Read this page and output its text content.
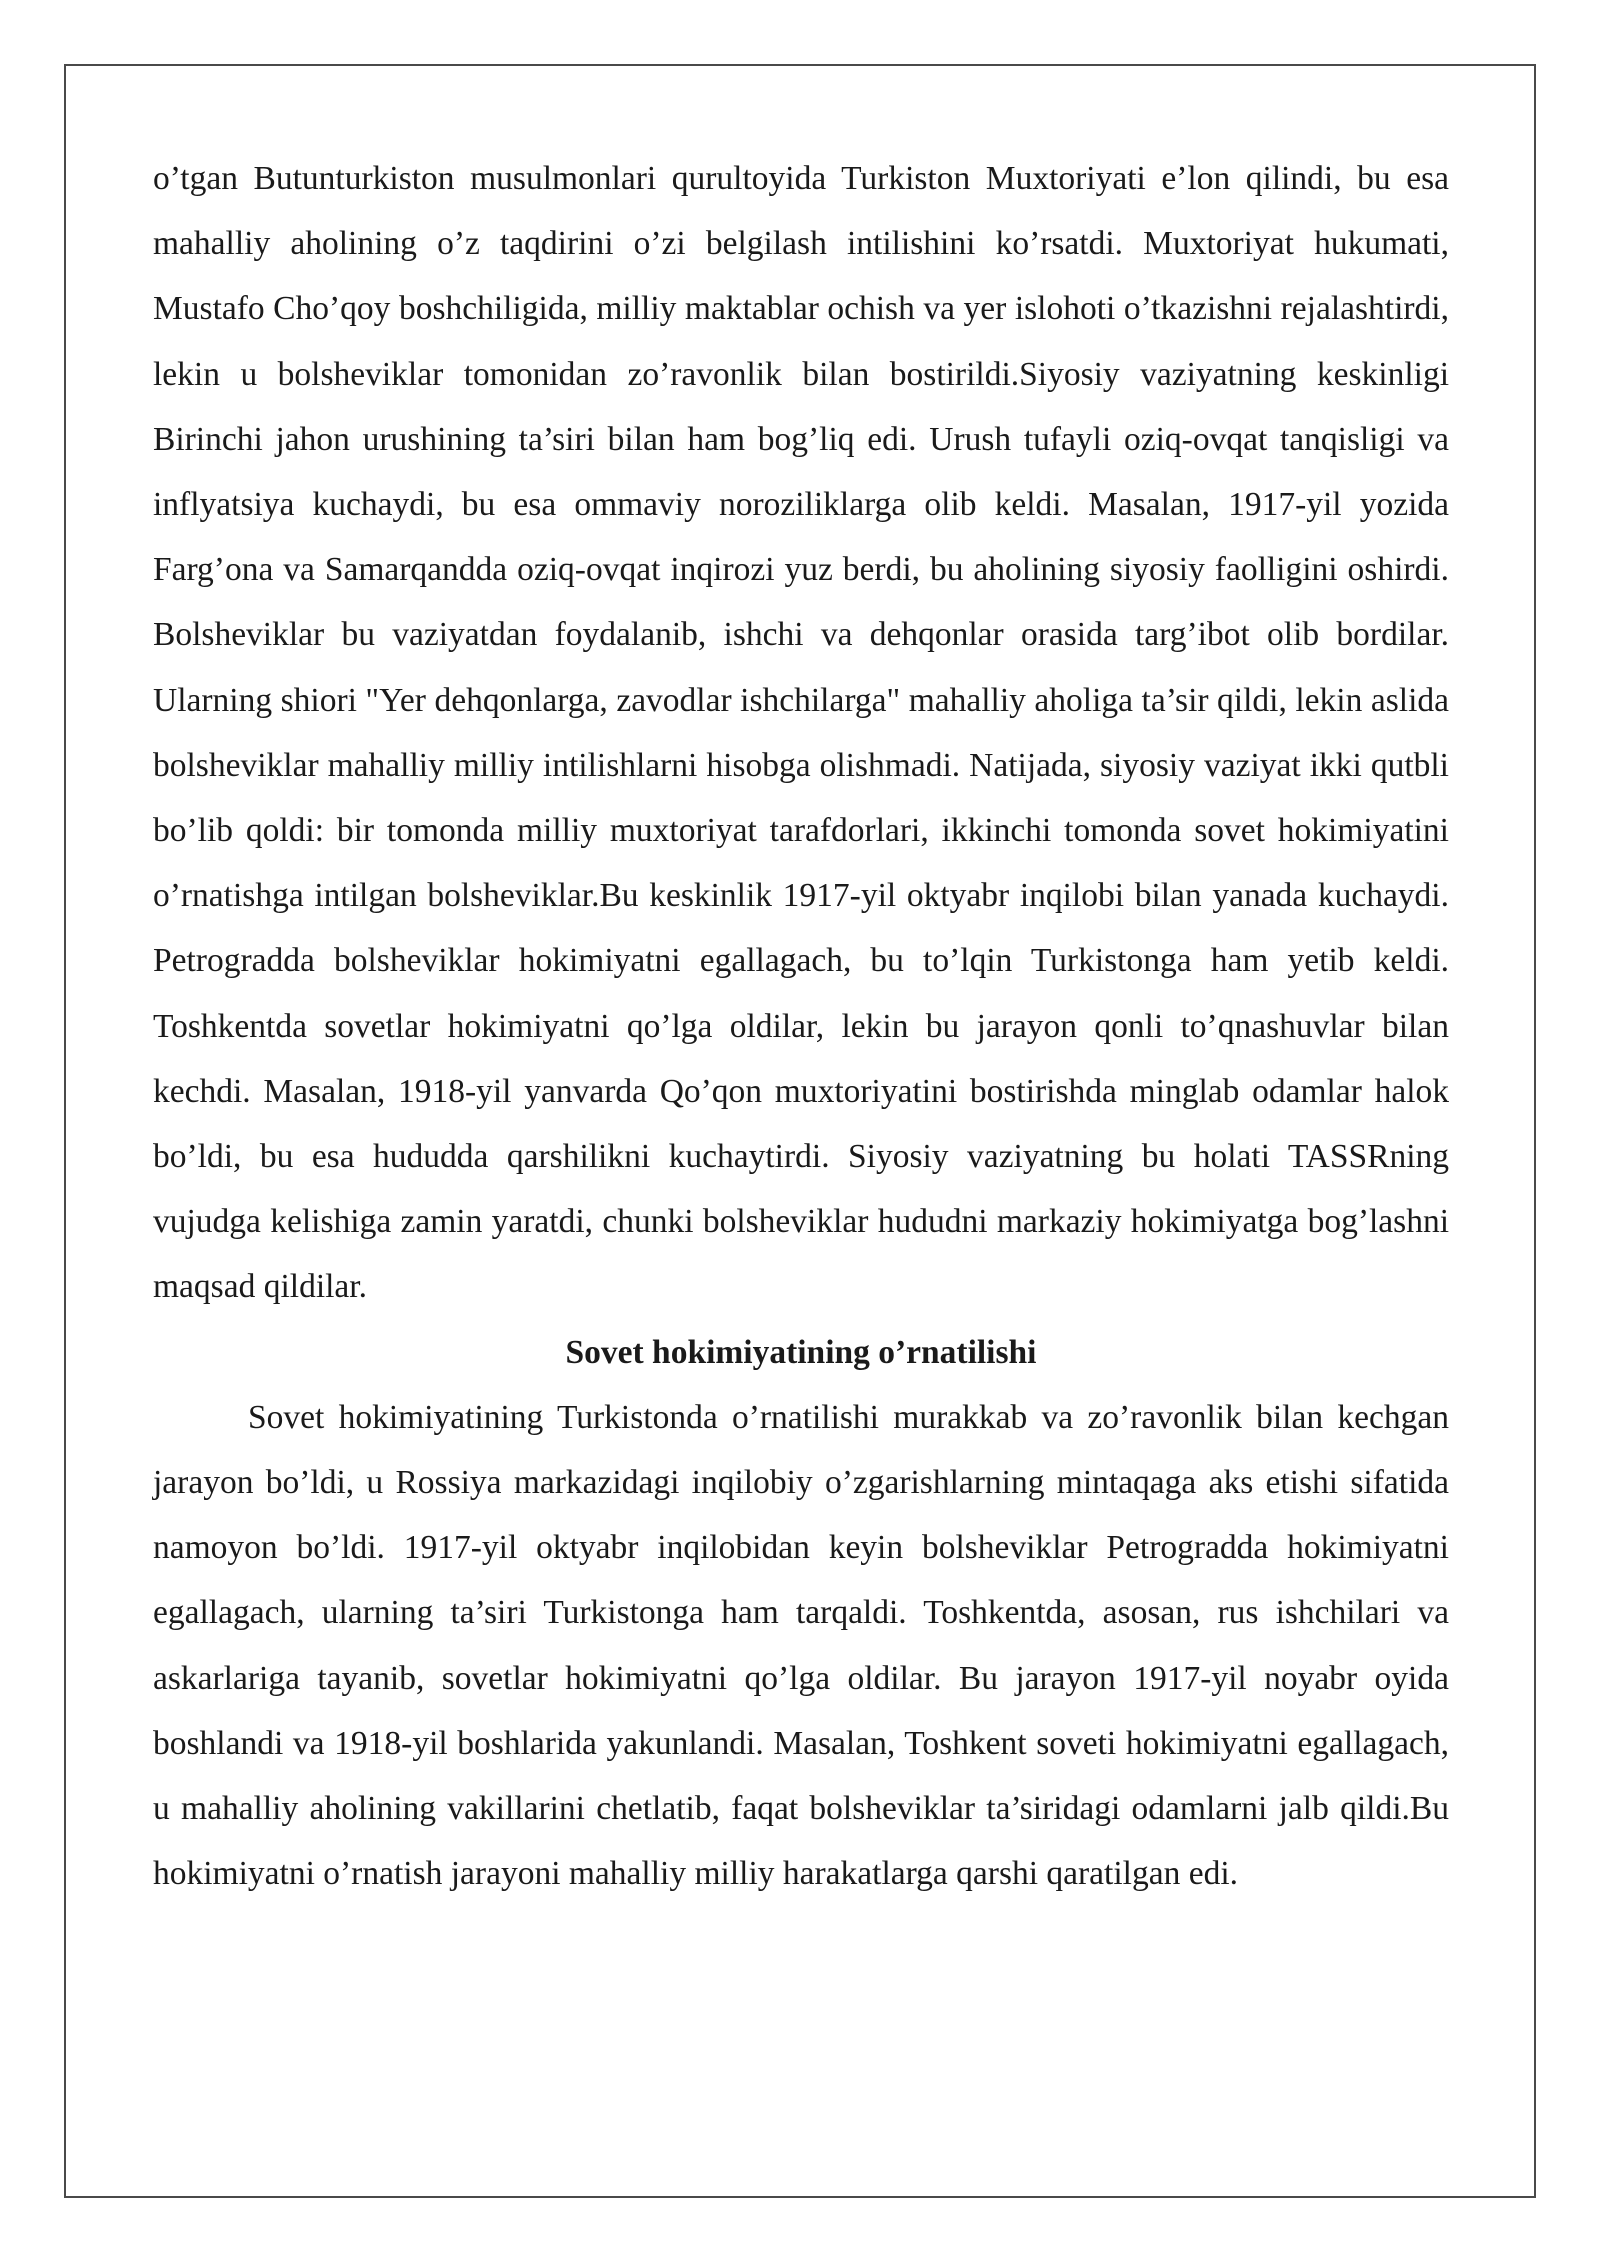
o’tgan Butunturkiston musulmonlari qurultoyida Turkiston Muxtoriyati e’lon qilindi, bu esa mahalliy aholining o’z taqdirini o’zi belgilash intilishini ko’rsatdi. Muxtoriyat hukumati, Mustafo Cho’qoy boshchiligida, milliy maktablar ochish va yer islohoti o’tkazishni rejalashtirdi, lekin u bolsheviklar tomonidan zo’ravonlik bilan bostirildi.Siyosiy vaziyatning keskinligi Birinchi jahon urushining ta’siri bilan ham bog’liq edi. Urush tufayli oziq-ovqat tanqisligi va inflyatsiya kuchaydi, bu esa ommaviy noroziliklarga olib keldi. Masalan, 1917-yil yozida Farg’ona va Samarqandda oziq-ovqat inqirozi yuz berdi, bu aholining siyosiy faolligini oshirdi. Bolsheviklar bu vaziyatdan foydalanib, ishchi va dehqonlar orasida targ’ibot olib bordilar. Ularning shiori "Yer dehqonlarga, zavodlar ishchilarga" mahalliy aholiga ta’sir qildi, lekin aslida bolsheviklar mahalliy milliy intilishlarni hisobga olishmadi. Natijada, siyosiy vaziyat ikki qutbli bo’lib qoldi: bir tomonda milliy muxtoriyat tarafdorlari, ikkinchi tomonda sovet hokimiyatini o’rnatishga intilgan bolsheviklar.Bu keskinlik 1917-yil oktyabr inqilobi bilan yanada kuchaydi. Petrogradda bolsheviklar hokimiyatni egallagach, bu to’lqin Turkistonga ham yetib keldi. Toshkentda sovetlar hokimiyatni qo’lga oldilar, lekin bu jarayon qonli to’qnashuvlar bilan kechdi. Masalan, 1918-yil yanvarda Qo’qon muxtoriyatini bostirishda minglab odamlar halok bo’ldi, bu esa hududda qarshilikni kuchaytirdi. Siyosiy vaziyatning bu holati TASSRning vujudga kelishiga zamin yaratdi, chunki bolsheviklar hududni markaziy hokimiyatga bog’lashni maqsad qildilar.

Sovet hokimiyatining o’rnatilishi

Sovet hokimiyatining Turkistonda o’rnatilishi murakkab va zo’ravonlik bilan kechgan jarayon bo’ldi, u Rossiya markazidagi inqilobiy o’zgarishlarning mintaqaga aks etishi sifatida namoyon bo’ldi. 1917-yil oktyabr inqilobidan keyin bolsheviklar Petrogradda hokimiyatni egallagach, ularning ta’siri Turkistonga ham tarqaldi. Toshkentda, asosan, rus ishchilari va askarlariga tayanib, sovetlar hokimiyatni qo’lga oldilar. Bu jarayon 1917-yil noyabr oyida boshlandi va 1918-yil boshlarida yakunlandi. Masalan, Toshkent soveti hokimiyatni egallagach, u mahalliy aholining vakillarini chetlatib, faqat bolsheviklar ta’siridagi odamlarni jalb qildi.Bu hokimiyatni o’rnatish jarayoni mahalliy milliy harakatlarga qarshi qaratilgan edi.
